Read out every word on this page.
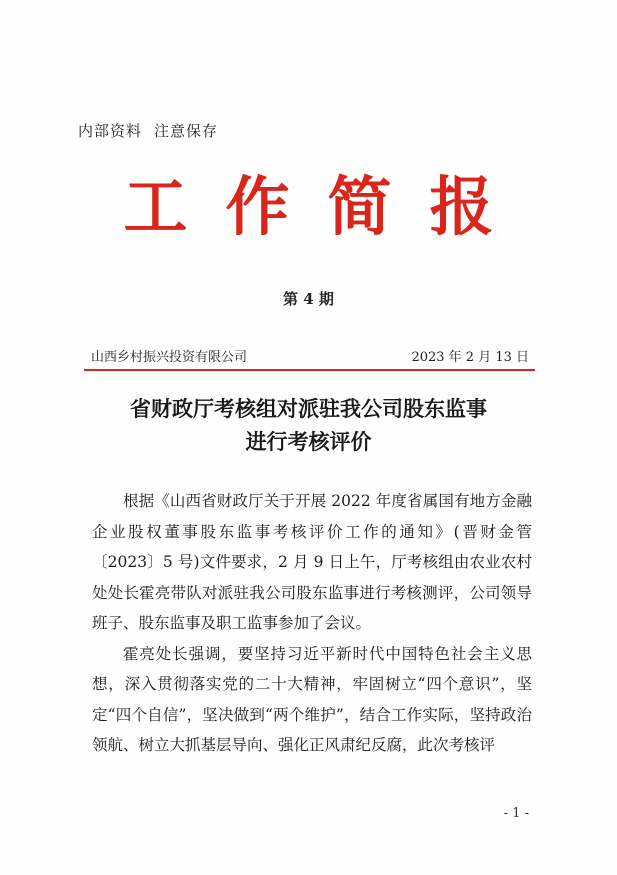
内部资料 注意保存
工作简报
第 4 期
山西乡村振兴投资有限公司	2023 年 2 月 13 日
省财政厅考核组对派驻我公司股东监事
进行考核评价

根据《山西省财政厅关于开展 2022 年度省属国有地方金融企业股权董事股东监事考核评价工作的通知》(晋财金管〔2023〕5 号)文件要求，2 月 9 日上午，厅考核组由农业农村处处长霍亮带队对派驻我公司股东监事进行考核测评，公司领导班子、股东监事及职工监事参加了会议。

霍亮处长强调，要坚持习近平新时代中国特色社会主义思想，深入贯彻落实党的二十大精神，牢固树立“四个意识”，坚定“四个自信”，坚决做到“两个维护”，结合工作实际，坚持政治领航、树立大抓基层导向、强化正风肃纪反腐，此次考核评

- 1 -
